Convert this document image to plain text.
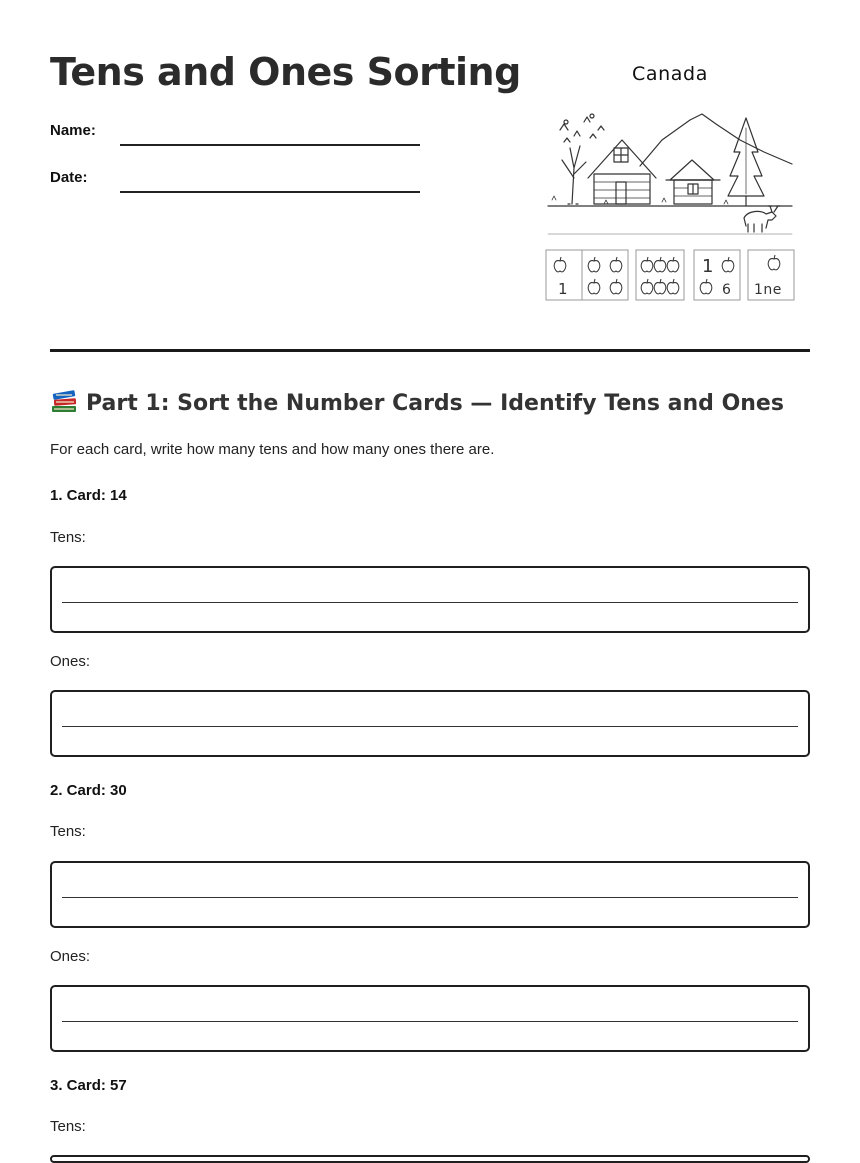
Tens and Ones Sorting
Name:
Date:
Canada
1
1
6 1ne
Part 1: Sort the Number Cards — Identify Tens and Ones

For each card, write how many tens and how many ones there are.

1. Card: 14
Tens:
Ones:
2. Card: 30
Tens:
Ones:
3. Card: 57
Tens:
